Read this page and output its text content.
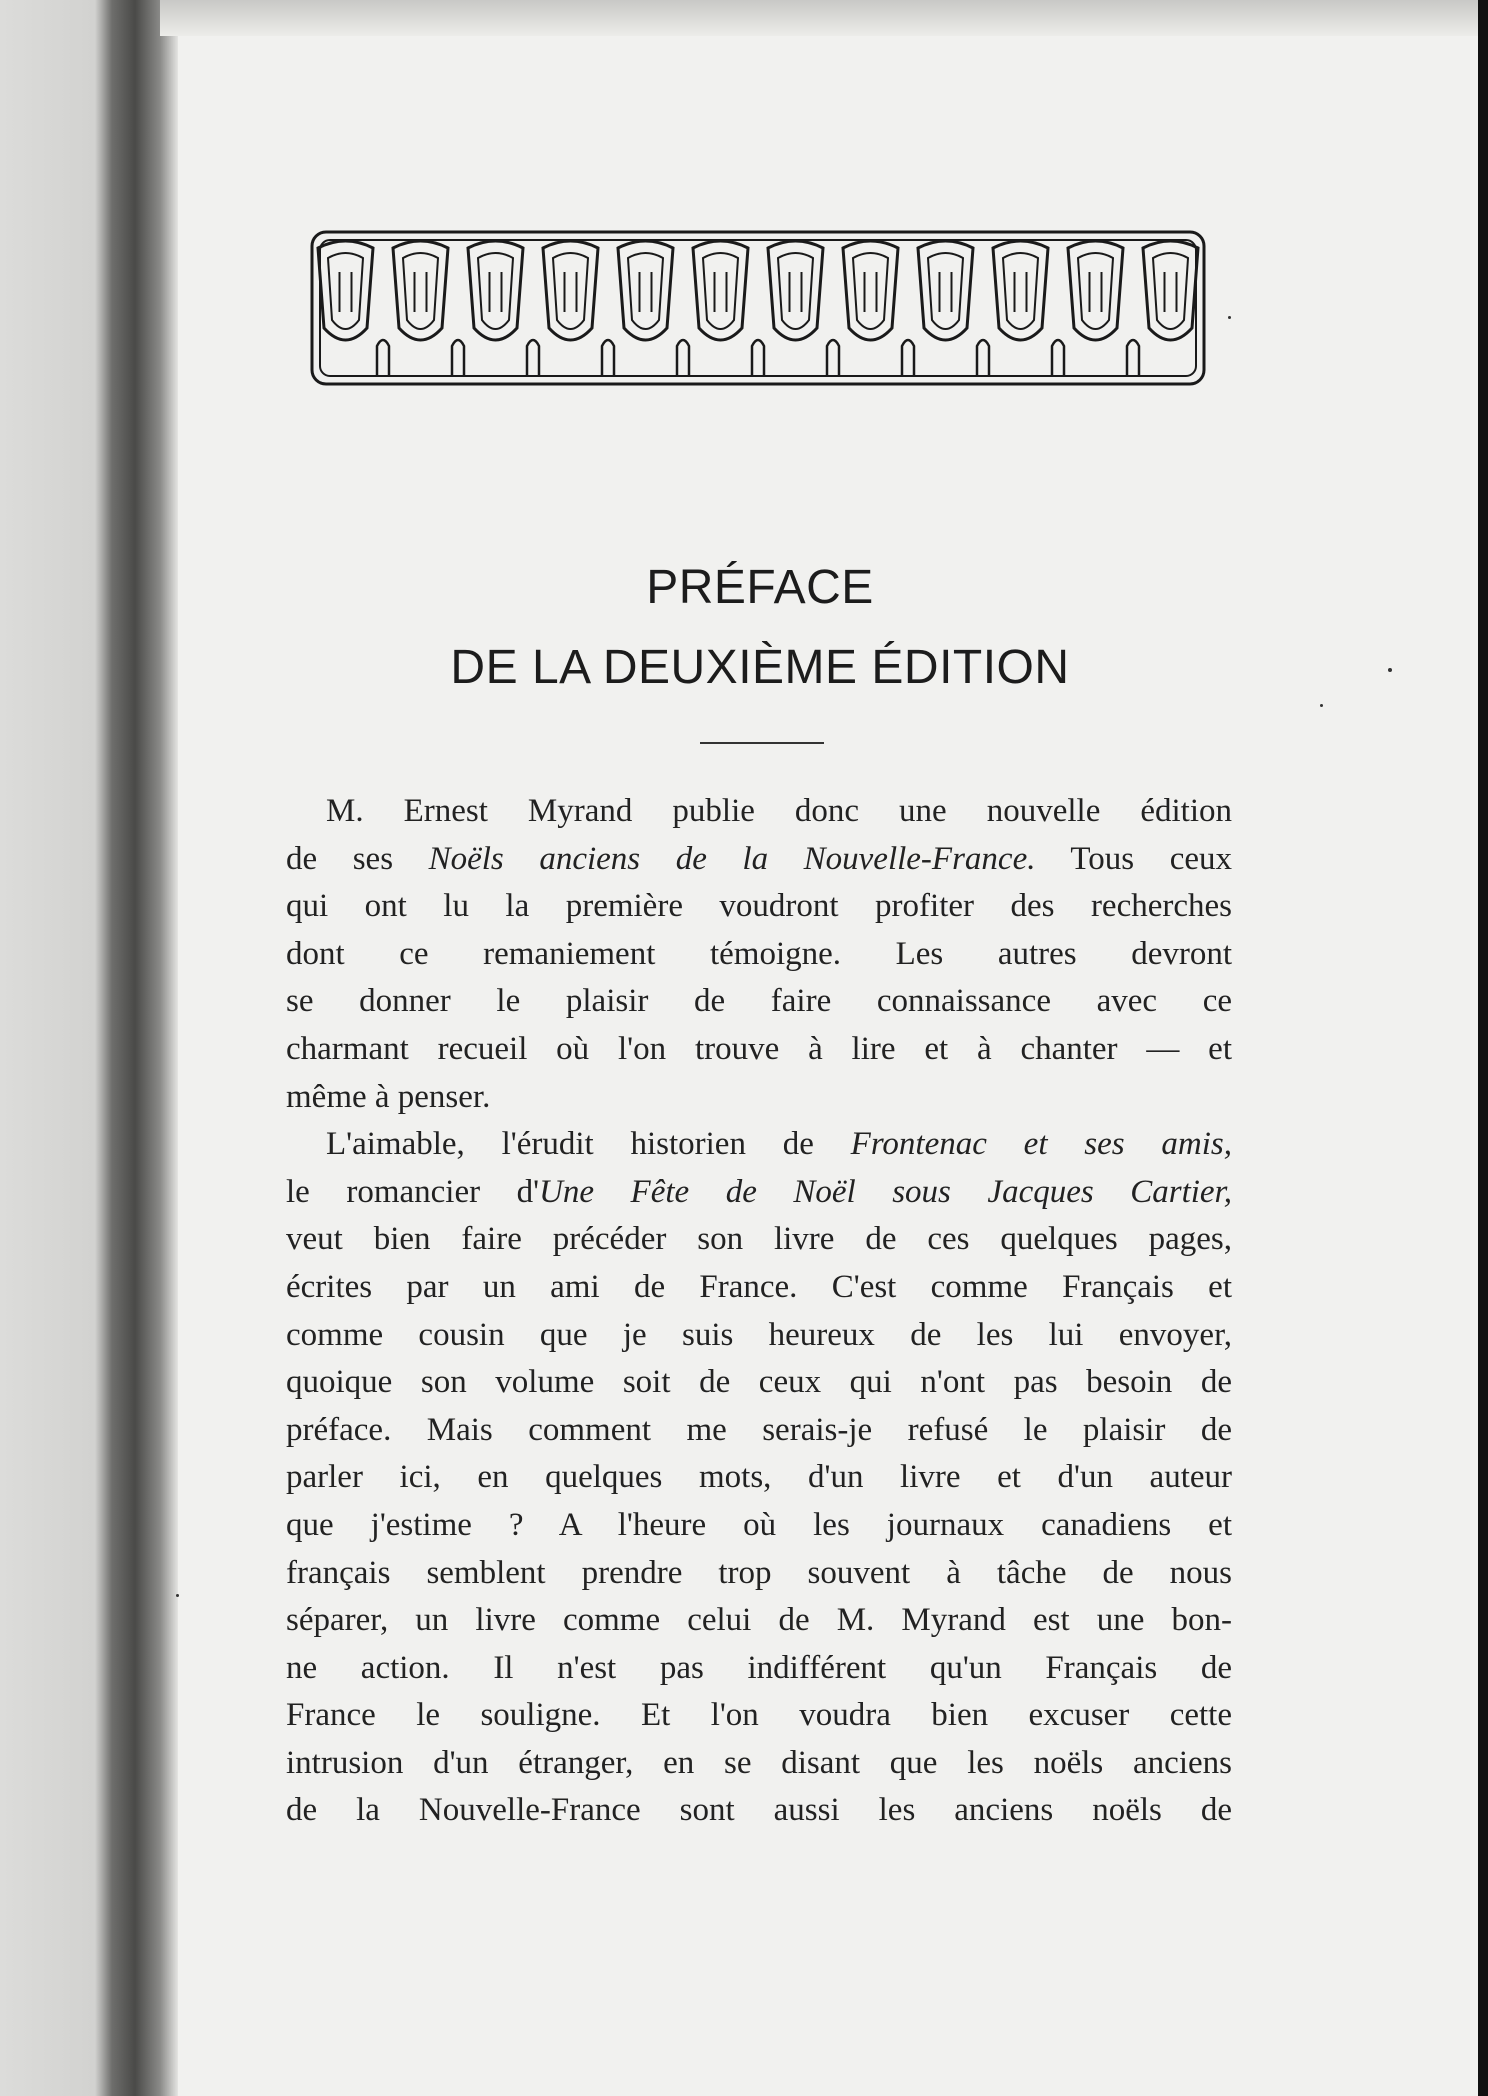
PRÉFACE
DE LA DEUXIÈME ÉDITION

M. Ernest Myrand publie donc une nouvelle édition
de ses Noëls anciens de la Nouvelle-France. Tous ceux
qui ont lu la première voudront profiter des recherches
dont ce remaniement témoigne. Les autres devront
se donner le plaisir de faire connaissance avec ce
charmant recueil où l'on trouve à lire et à chanter — et
même à penser.

L'aimable, l'érudit historien de Frontenac et ses amis,
le romancier d'Une Fête de Noël sous Jacques Cartier,
veut bien faire précéder son livre de ces quelques pages,
écrites par un ami de France. C'est comme Français et
comme cousin que je suis heureux de les lui envoyer,
quoique son volume soit de ceux qui n'ont pas besoin de
préface. Mais comment me serais-je refusé le plaisir de
parler ici, en quelques mots, d'un livre et d'un auteur
que j'estime ? A l'heure où les journaux canadiens et
français semblent prendre trop souvent à tâche de nous
séparer, un livre comme celui de M. Myrand est une bon-
ne action. Il n'est pas indifférent qu'un Français de
France le souligne. Et l'on voudra bien excuser cette
intrusion d'un étranger, en se disant que les noëls anciens
de la Nouvelle-France sont aussi les anciens noëls de
